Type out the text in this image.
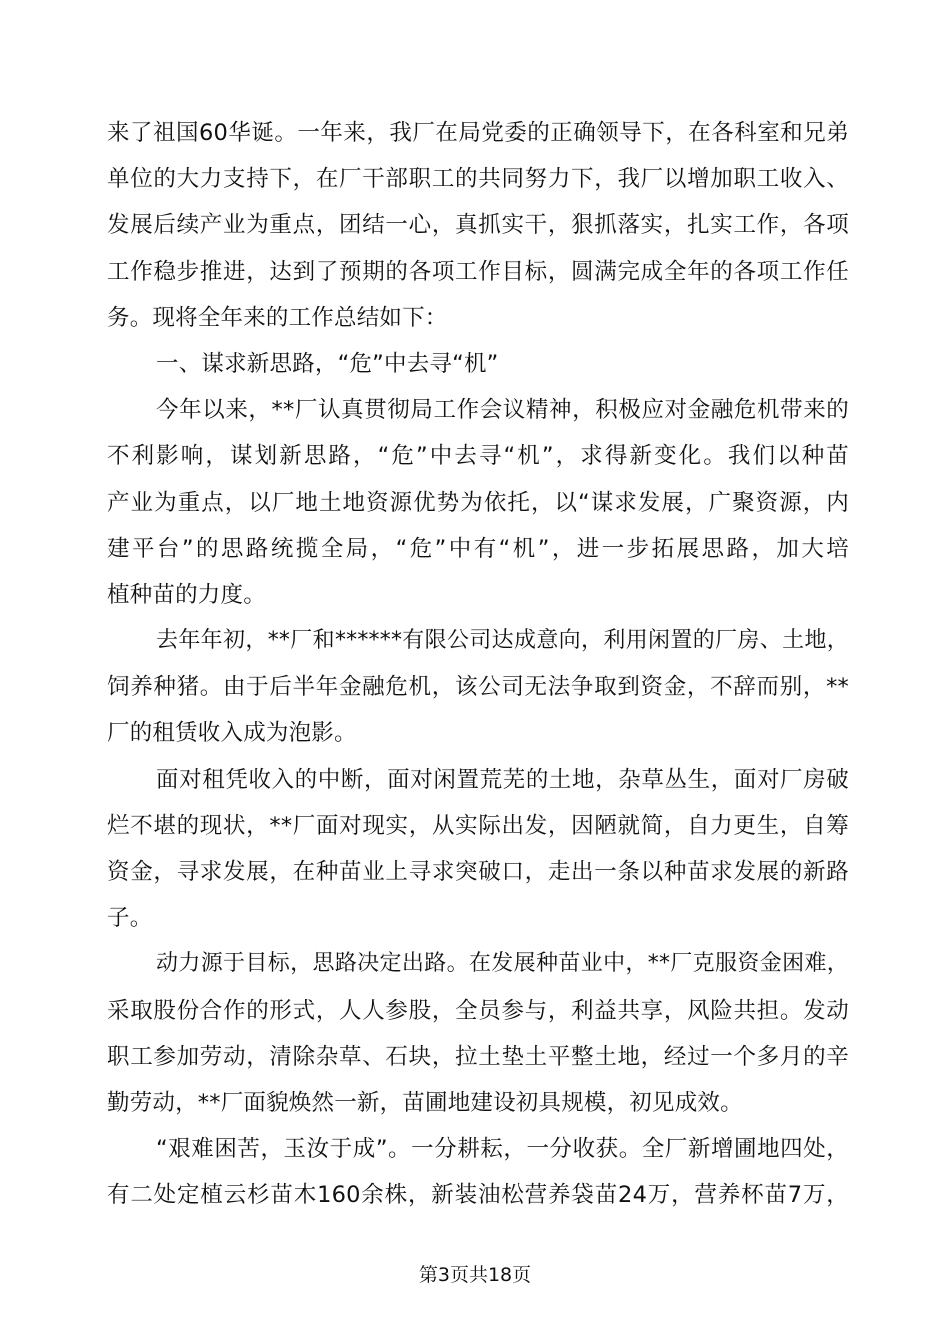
来了祖国60华诞。一年来，我厂在局党委的正确领导下，在各科室和兄弟
单位的大力支持下，在厂干部职工的共同努力下，我厂以增加职工收入、
发展后续产业为重点，团结一心，真抓实干，狠抓落实，扎实工作，各项
工作稳步推进，达到了预期的各项工作目标，圆满完成全年的各项工作任
务。现将全年来的工作总结如下：
一、谋求新思路，“危”中去寻“机”
今年以来，**厂认真贯彻局工作会议精神，积极应对金融危机带来的
不利影响，谋划新思路，“危”中去寻“机”，求得新变化。我们以种苗
产业为重点，以厂地土地资源优势为依托，以“谋求发展，广聚资源，内
建平台”的思路统揽全局，“危”中有“机”，进一步拓展思路，加大培
植种苗的力度。
去年年初，**厂和******有限公司达成意向，利用闲置的厂房、土地，
饲养种猪。由于后半年金融危机，该公司无法争取到资金，不辞而别，**
厂的租赁收入成为泡影。
面对租凭收入的中断，面对闲置荒芜的土地，杂草丛生，面对厂房破
烂不堪的现状，**厂面对现实，从实际出发，因陋就简，自力更生，自筹
资金，寻求发展，在种苗业上寻求突破口，走出一条以种苗求发展的新路
子。
动力源于目标，思路决定出路。在发展种苗业中，**厂克服资金困难，
采取股份合作的形式，人人参股，全员参与，利益共享，风险共担。发动
职工参加劳动，清除杂草、石块，拉土垫土平整土地，经过一个多月的辛
勤劳动，**厂面貌焕然一新，苗圃地建设初具规模，初见成效。
“艰难困苦，玉汝于成”。一分耕耘，一分收获。全厂新增圃地四处，
有二处定植云杉苗木160余株，新装油松营养袋苗24万，营养杯苗7万，
第3页共18页
